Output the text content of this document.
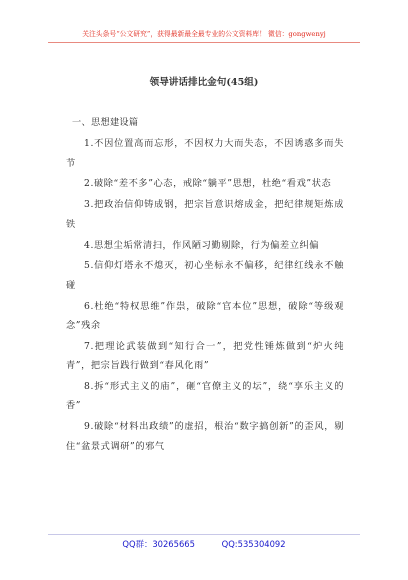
关注头条号“公文研究”，获得最新最全最专业的公文资料库！ 微信：gongwenyj
领导讲话排比金句(45组)
一、思想建设篇

1.不因位置高而忘形，不因权力大而失态，不因诱惑多而失节

2.破除“差不多”心态，戒除“躺平”思想，杜绝“看戏”状态

3.把政治信仰铸成钢，把宗旨意识熔成金，把纪律规矩炼成铁

4.思想尘垢常清扫，作风陋习勤剔除，行为偏差立纠偏

5.信仰灯塔永不熄灭，初心坐标永不偏移，纪律红线永不触碰

6.杜绝“特权思维”作祟，破除“官本位”思想，破除“等级观念”残余

7.把理论武装做到“知行合一”，把党性锤炼做到“炉火纯青”，把宗旨践行做到“春风化雨”

8.拆“形式主义的庙”，砸“官僚主义的坛”，绕“享乐主义的香”

9.破除“材料出政绩”的虚招，根治“数字搞创新”的歪风，剔住“盆景式调研”的邪气

QQ群：30265665	QQ:535304092
